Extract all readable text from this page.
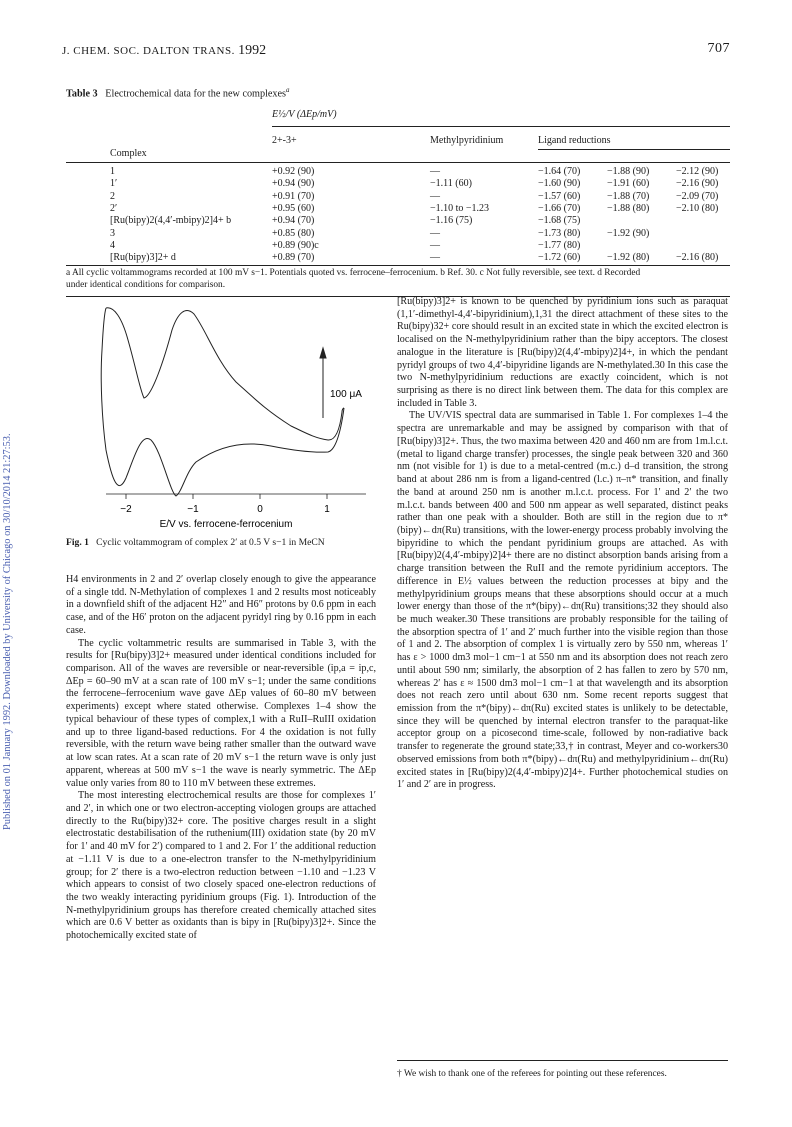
J. CHEM. SOC. DALTON TRANS. 1992	707
Published on 01 January 1992. Downloaded by University of Chicago on 30/10/2014 21:27:53.
Table 3 Electrochemical data for the new complexes$^a$
E½/V (ΔEp/mV)
2+-3+	Methylpyridinium	Ligand reductions
Complex
1	+0.92 (90)	—	−1.64 (70)	−1.88 (90)	−2.12 (90)
1′	+0.94 (90)	−1.11 (60)	−1.60 (90)	−1.91 (60)	−2.16 (90)
2	+0.91 (70)	—	−1.57 (60)	−1.88 (70)	−2.09 (70)
2′	+0.95 (60)	−1.10 to −1.23	−1.66 (70)	−1.88 (80)	−2.10 (80)
[Ru(bipy)2(4,4′-mbipy)2]4+ b	+0.94 (70)	−1.16 (75)	−1.68 (75)
3	+0.85 (80)	—	−1.73 (80)	−1.92 (90)
4	+0.89 (90)c	—	−1.77 (80)
[Ru(bipy)3]2+ d	+0.89 (70)	—	−1.72 (60)	−1.92 (80)	−2.16 (80)
a All cyclic voltammograms recorded at 100 mV s−1. Potentials quoted vs. ferrocene–ferrocenium. b Ref. 30. c Not fully reversible, see text. d Recorded
under identical conditions for comparison.
100 μA
−2	−1	0	1
E/V vs. ferrocene-ferrocenium
Fig. 1 Cyclic voltammogram of complex 2′ at 0.5 V s−1 in MeCN

H4 environments in 2 and 2′ overlap closely enough to give the appearance of a single tdd. N-Methylation of complexes 1 and 2 results most noticeably in a downfield shift of the adjacent H2″ and H6″ protons by 0.6 ppm in each case, and of the H6′ proton on the adjacent pyridyl ring by 0.16 ppm in each case.

The cyclic voltammetric results are summarised in Table 3, with the results for [Ru(bipy)3]2+ measured under identical conditions included for comparison. All of the waves are reversible or near-reversible (ip,a = ip,c, ΔEp = 60–90 mV at a scan rate of 100 mV s−1; under the same conditions the ferrocene–ferrocenium wave gave ΔEp values of 60–80 mV between experiments) except where stated otherwise. Complexes 1–4 show the typical behaviour of these types of complex,1 with a RuII–RuIII oxidation and up to three ligand-based reductions. For 4 the oxidation is not fully reversible, with the return wave being rather smaller than the outward wave at low scan rates. At a scan rate of 20 mV s−1 the return wave is only just apparent, whereas at 500 mV s−1 the wave is nearly symmetric. The ΔEp value only varies from 80 to 110 mV between these extremes.

The most interesting electrochemical results are those for complexes 1′ and 2′, in which one or two electron-accepting viologen groups are attached directly to the Ru(bipy)32+ core. The positive charges result in a slight electrostatic destabilisation of the ruthenium(III) oxidation state (by 20 mV for 1′ and 40 mV for 2′) compared to 1 and 2. For 1′ the additional reduction at −1.11 V is due to a one-electron transfer to the N-methylpyridinium group; for 2′ there is a two-electron reduction between −1.10 and −1.23 V which appears to consist of two closely spaced one-electron reductions of the two weakly interacting pyridinium groups (Fig. 1). Introduction of the N-methylpyridinium groups has therefore created chemically attached sites which are 0.6 V better as oxidants than is bipy in [Ru(bipy)3]2+. Since the photochemically excited state of

[Ru(bipy)3]2+ is known to be quenched by pyridinium ions such as paraquat (1,1′-dimethyl-4,4′-bipyridinium),1,31 the direct attachment of these sites to the Ru(bipy)32+ core should result in an excited state in which the excited electron is localised on the N-methylpyridinium rather than the bipy acceptors. The closest analogue in the literature is [Ru(bipy)2(4,4′-mbipy)2]4+, in which the pendant pyridyl groups of two 4,4′-bipyridine ligands are N-methylated.30 In this case the two N-methylpyridinium reductions are exactly coincident, which is not surprising as there is no direct link between them. The data for this complex are included in Table 3.

The UV/VIS spectral data are summarised in Table 1. For complexes 1–4 the spectra are unremarkable and may be assigned by comparison with that of [Ru(bipy)3]2+. Thus, the two maxima between 420 and 460 nm are from 1m.l.c.t. (metal to ligand charge transfer) processes, the single peak between 320 and 360 nm (not visible for 1) is due to a metal-centred (m.c.) d–d transition, the strong band at about 286 nm is from a ligand-centred (l.c.) π–π* transition, and finally the band at around 250 nm is another m.l.c.t. process. For 1′ and 2′ the two m.l.c.t. bands between 400 and 500 nm appear as well separated, distinct peaks rather than one peak with a shoulder. Both are still in the region due to π*(bipy)←dπ(Ru) transitions, with the lower-energy process probably involving the bipyridine to which the pendant pyridinium groups are attached. As with [Ru(bipy)2(4,4′-mbipy)2]4+ there are no distinct absorption bands arising from a charge transition between the RuII and the remote pyridinium acceptors. The difference in E½ values between the reduction processes at bipy and the methylpyridinium groups means that these absorptions should occur at a much lower energy than those of the π*(bipy)←dπ(Ru) transitions;32 they should also be much weaker.30 These transitions are probably responsible for the tailing of the absorption spectra of 1′ and 2′ much further into the visible region than those of 1 and 2. The absorption of complex 1 is virtually zero by 550 nm, whereas 1′ has ε > 1000 dm3 mol−1 cm−1 at 550 nm and its absorption does not reach zero until about 590 nm; similarly, the absorption of 2 has fallen to zero by 570 nm, whereas 2′ has ε ≈ 1500 dm3 mol−1 cm−1 at that wavelength and its absorption does not reach zero until about 630 nm. Some recent reports suggest that emission from the π*(bipy)←dπ(Ru) excited states is unlikely to be detectable, since they will be quenched by internal electron transfer to the paraquat-like acceptor group on a picosecond time-scale, followed by non-radiative back transfer to regenerate the ground state;33,† in contrast, Meyer and co-workers30 observed emissions from both π*(bipy)←dπ(Ru) and methylpyridinium←dπ(Ru) excited states in [Ru(bipy)2(4,4′-mbipy)2]4+. Further photochemical studies on 1′ and 2′ are in progress.

† We wish to thank one of the referees for pointing out these references.
